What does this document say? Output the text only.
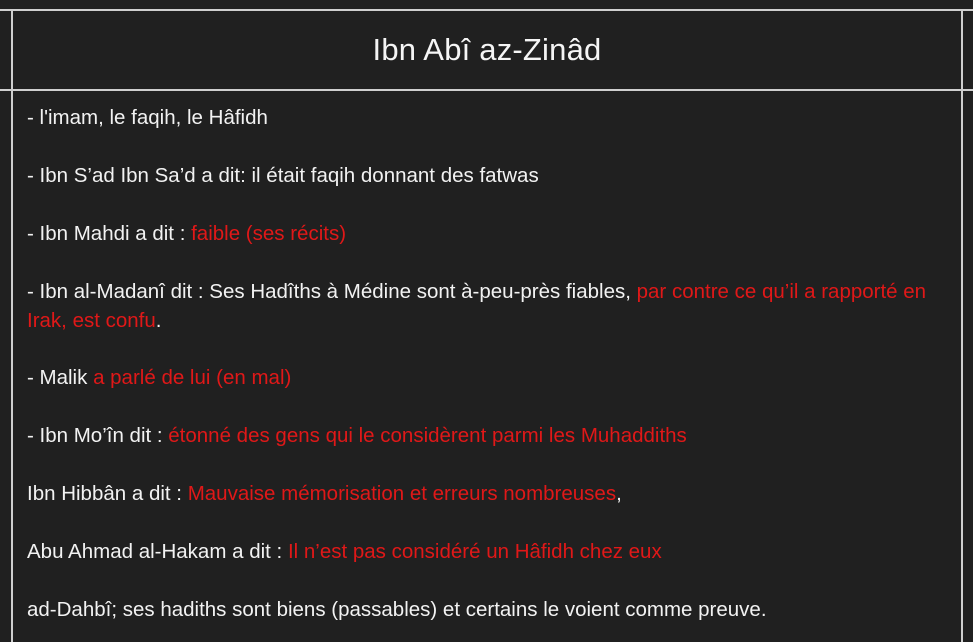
Ibn Abî az-Zinâd
- l'imam, le faqih, le Hâfidh
- Ibn S’ad Ibn Sa’d a dit: il était faqih donnant des fatwas
- Ibn Mahdi a dit : faible (ses récits)
- Ibn al-Madanî dit : Ses Hadîths à Médine sont à-peu-près fiables, par contre ce qu’il a rapporté en Irak, est confu.
- Malik a parlé de lui (en mal)
- Ibn Mo’în dit : étonné des gens qui le considèrent parmi les Muhaddiths
Ibn Hibbân a dit : Mauvaise mémorisation et erreurs nombreuses,
Abu Ahmad al-Hakam a dit : Il n’est pas considéré un Hâfidh chez eux
ad-Dahbî; ses hadiths sont biens (passables) et certains le voient comme preuve.
